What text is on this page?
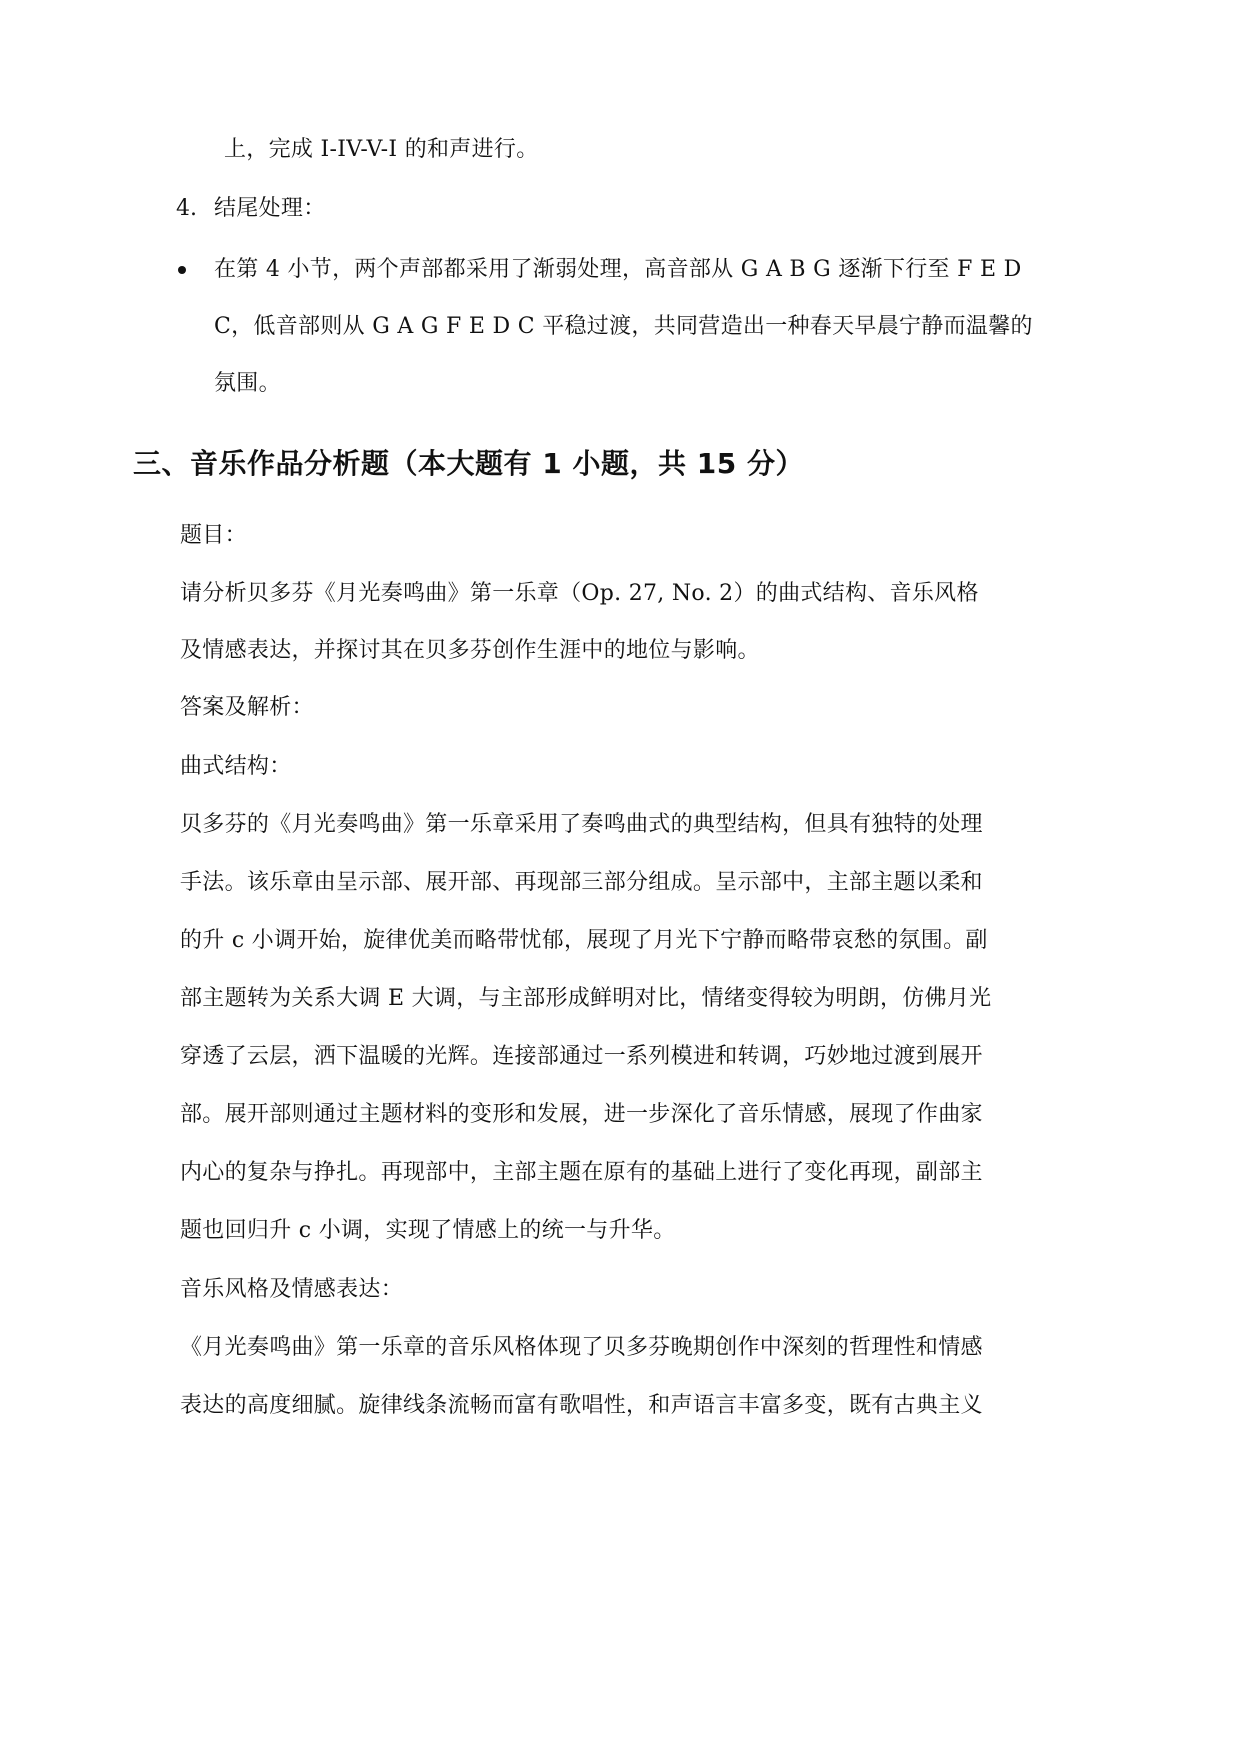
上，完成 I-IV-V-I 的和声进行。
4. 结尾处理：
在第 4 小节，两个声部都采用了渐弱处理，高音部从 G A B G 逐渐下行至 F E D
C，低音部则从 G A G F E D C 平稳过渡，共同营造出一种春天早晨宁静而温馨的
氛围。
三、音乐作品分析题（本大题有 1 小题，共 15 分）
题目：
请分析贝多芬《月光奏鸣曲》第一乐章（Op. 27, No. 2）的曲式结构、音乐风格
及情感表达，并探讨其在贝多芬创作生涯中的地位与影响。
答案及解析：
曲式结构：
贝多芬的《月光奏鸣曲》第一乐章采用了奏鸣曲式的典型结构，但具有独特的处理
手法。该乐章由呈示部、展开部、再现部三部分组成。呈示部中，主部主题以柔和
的升 c 小调开始，旋律优美而略带忧郁，展现了月光下宁静而略带哀愁的氛围。副
部主题转为关系大调 E 大调，与主部形成鲜明对比，情绪变得较为明朗，仿佛月光
穿透了云层，洒下温暖的光辉。连接部通过一系列模进和转调，巧妙地过渡到展开
部。展开部则通过主题材料的变形和发展，进一步深化了音乐情感，展现了作曲家
内心的复杂与挣扎。再现部中，主部主题在原有的基础上进行了变化再现，副部主
题也回归升 c 小调，实现了情感上的统一与升华。
音乐风格及情感表达：
《月光奏鸣曲》第一乐章的音乐风格体现了贝多芬晚期创作中深刻的哲理性和情感
表达的高度细腻。旋律线条流畅而富有歌唱性，和声语言丰富多变，既有古典主义
